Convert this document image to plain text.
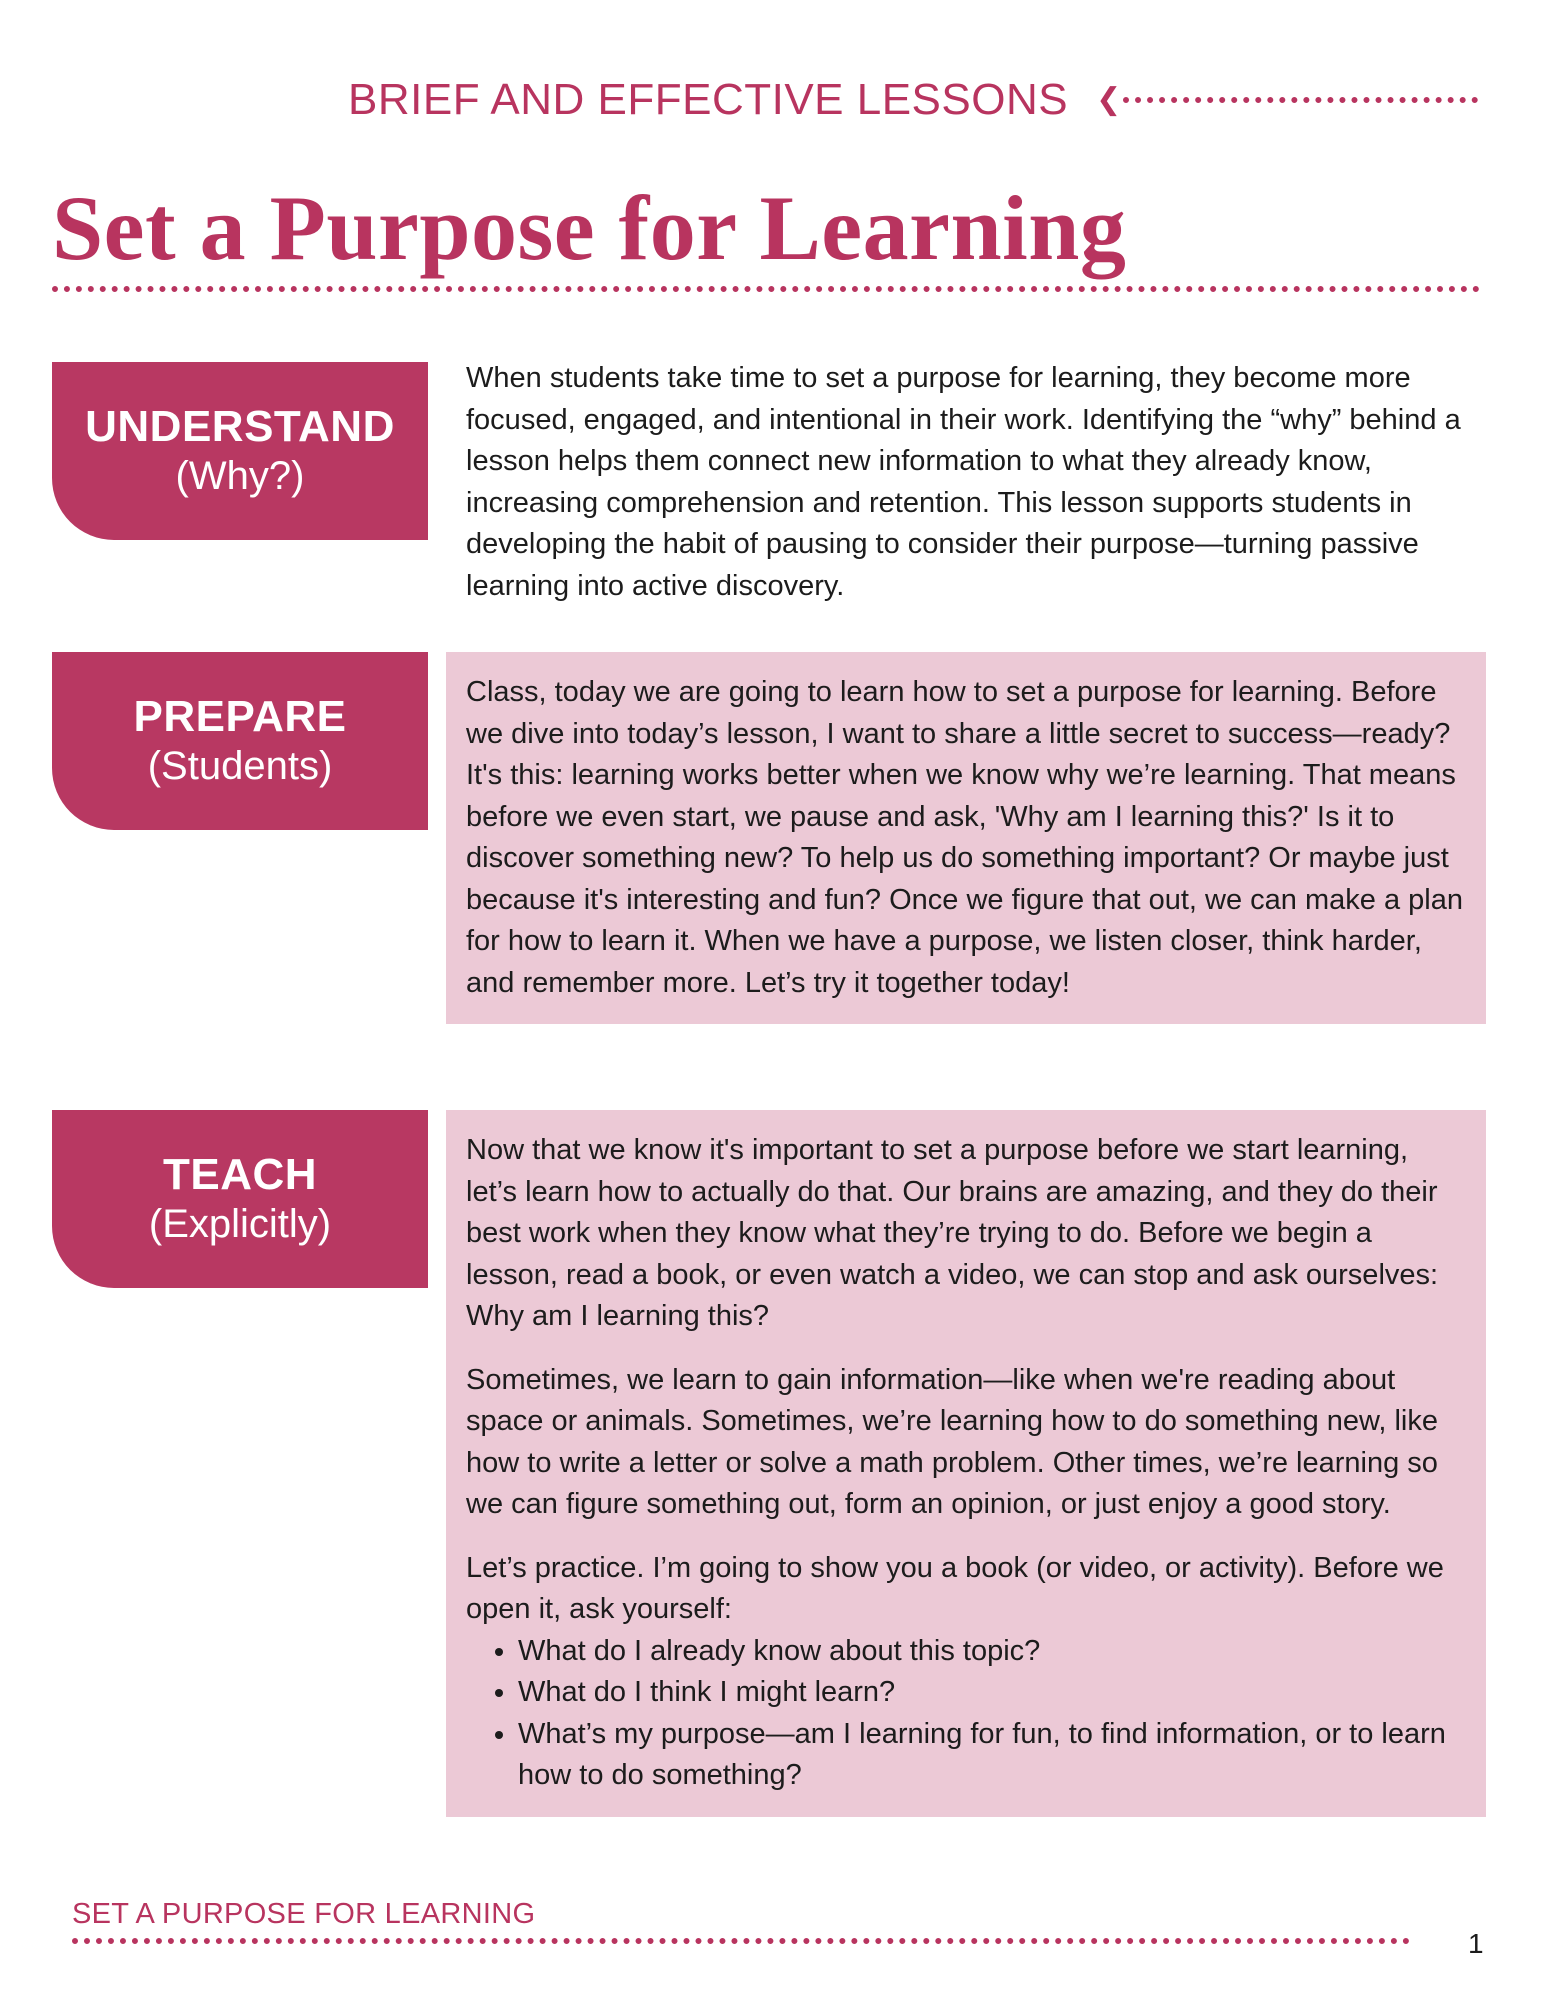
BRIEF AND EFFECTIVE LESSONS ❮
Set a Purpose for Learning
UNDERSTAND
(Why?)

When students take time to set a purpose for learning, they become more focused, engaged, and intentional in their work. Identifying the “why” behind a lesson helps them connect new information to what they already know, increasing comprehension and retention. This lesson supports students in developing the habit of pausing to consider their purpose—turning passive learning into active discovery.

PREPARE
(Students)

Class, today we are going to learn how to set a purpose for learning. Before we dive into today’s lesson, I want to share a little secret to success—ready? It's this: learning works better when we know why we’re learning. That means before we even start, we pause and ask, 'Why am I learning this?' Is it to discover something new? To help us do something important? Or maybe just because it's interesting and fun? Once we figure that out, we can make a plan for how to learn it. When we have a purpose, we listen closer, think harder, and remember more. Let’s try it together today!

TEACH
(Explicitly)

Now that we know it's important to set a purpose before we start learning, let’s learn how to actually do that. Our brains are amazing, and they do their best work when they know what they’re trying to do. Before we begin a lesson, read a book, or even watch a video, we can stop and ask ourselves: Why am I learning this?

Sometimes, we learn to gain information—like when we're reading about space or animals. Sometimes, we’re learning how to do something new, like how to write a letter or solve a math problem. Other times, we’re learning so we can figure something out, form an opinion, or just enjoy a good story.

Let’s practice. I’m going to show you a book (or video, or activity). Before we open it, ask yourself:

• What do I already know about this topic?
• What do I think I might learn?
• What’s my purpose—am I learning for fun, to find information, or to learn how to do something?
SET A PURPOSE FOR LEARNING
1
